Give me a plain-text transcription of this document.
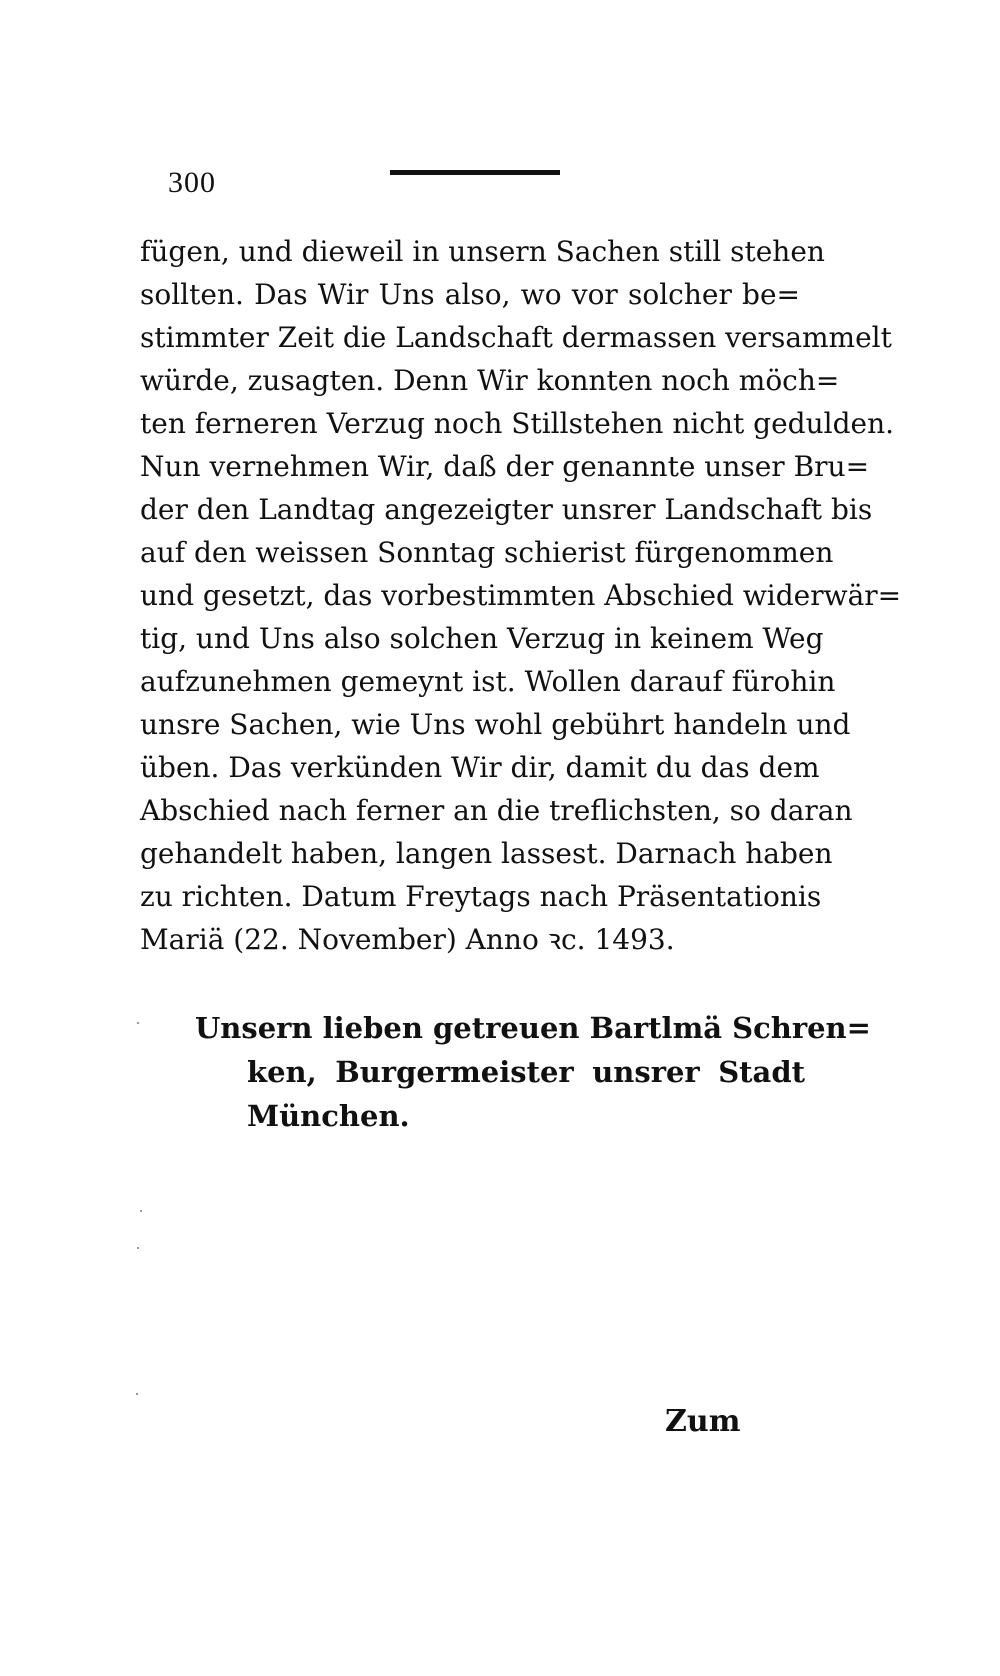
300
fügen, und dieweil in unsern Sachen still stehen
sollten. Das Wir Uns also, wo vor solcher be=
stimmter Zeit die Landschaft dermassen versammelt
würde, zusagten. Denn Wir konnten noch möch=
ten ferneren Verzug noch Stillstehen nicht gedulden.
Nun vernehmen Wir, daß der genannte unser Bru=
der den Landtag angezeigter unsrer Landschaft bis
auf den weissen Sonntag schierist fürgenommen
und gesetzt, das vorbestimmten Abschied widerwär=
tig, und Uns also solchen Verzug in keinem Weg
aufzunehmen gemeynt ist. Wollen darauf fürohin
unsre Sachen, wie Uns wohl gebührt handeln und
üben. Das verkünden Wir dir, damit du das dem
Abschied nach ferner an die treflichsten, so daran
gehandelt haben, langen lassest. Darnach haben
zu richten. Datum Freytags nach Präsentationis
Mariä (22. November) Anno ꝛc. 1493.
Unsern lieben getreuen Bartlmä Schren=
ken, Burgermeister unsrer Stadt
München.
Zum
